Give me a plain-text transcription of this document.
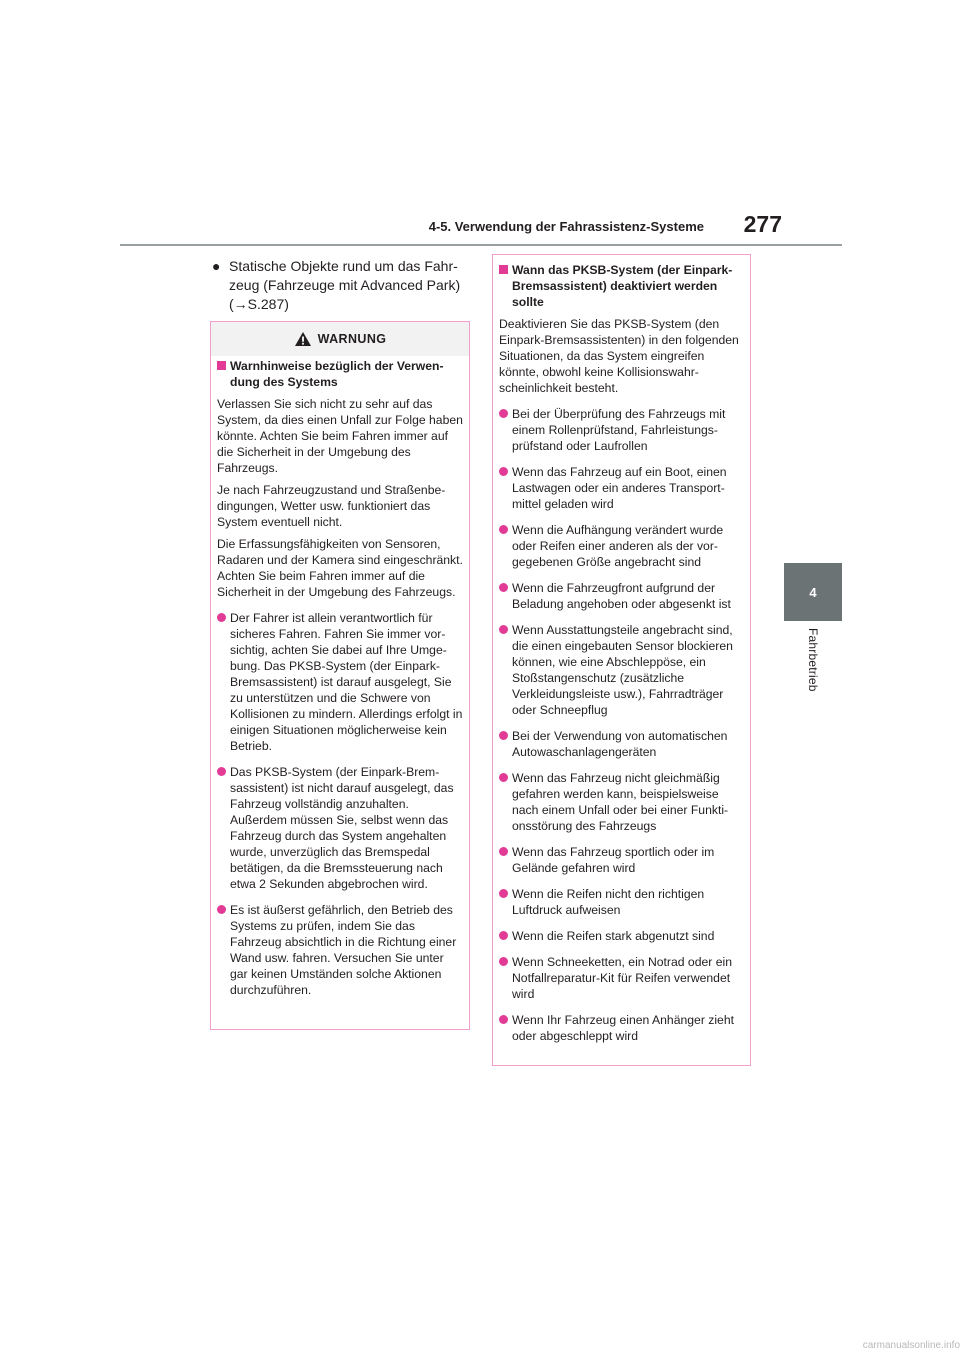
4-5. Verwendung der Fahrassistenz-Systeme	277
4
Fahrbetrieb
● Statische Objekte rund um das Fahrzeug (Fahrzeuge mit Advanced Park) (→S.287)
WARNUNG
Warnhinweise bezüglich der Verwendung des Systems
Verlassen Sie sich nicht zu sehr auf das System, da dies einen Unfall zur Folge haben könnte. Achten Sie beim Fahren immer auf die Sicherheit in der Umgebung des Fahrzeugs.
Je nach Fahrzeugzustand und Straßenbedingungen, Wetter usw. funktioniert das System eventuell nicht.
Die Erfassungsfähigkeiten von Sensoren, Radaren und der Kamera sind eingeschränkt. Achten Sie beim Fahren immer auf die Sicherheit in der Umgebung des Fahrzeugs.
Der Fahrer ist allein verantwortlich für sicheres Fahren. Fahren Sie immer vorsichtig, achten Sie dabei auf Ihre Umgebung. Das PKSB-System (der Einpark-Bremsassistent) ist darauf ausgelegt, Sie zu unterstützen und die Schwere von Kollisionen zu mindern. Allerdings erfolgt in einigen Situationen möglicherweise kein Betrieb.
Das PKSB-System (der Einpark-Bremsassistent) ist nicht darauf ausgelegt, das Fahrzeug vollständig anzuhalten. Außerdem müssen Sie, selbst wenn das Fahrzeug durch das System angehalten wurde, unverzüglich das Bremspedal betätigen, da die Bremssteuerung nach etwa 2 Sekunden abgebrochen wird.
Es ist äußerst gefährlich, den Betrieb des Systems zu prüfen, indem Sie das Fahrzeug absichtlich in die Richtung einer Wand usw. fahren. Versuchen Sie unter gar keinen Umständen solche Aktionen durchzuführen.
Wann das PKSB-System (der Einpark-Bremsassistent) deaktiviert werden sollte
Deaktivieren Sie das PKSB-System (den Einpark-Bremsassistenten) in den folgenden Situationen, da das System eingreifen könnte, obwohl keine Kollisionswahrscheinlichkeit besteht.
Bei der Überprüfung des Fahrzeugs mit einem Rollenprüfstand, Fahrleistungsprüfstand oder Laufrollen
Wenn das Fahrzeug auf ein Boot, einen Lastwagen oder ein anderes Transportmittel geladen wird
Wenn die Aufhängung verändert wurde oder Reifen einer anderen als der vorgegebenen Größe angebracht sind
Wenn die Fahrzeugfront aufgrund der Beladung angehoben oder abgesenkt ist
Wenn Ausstattungsteile angebracht sind, die einen eingebauten Sensor blockieren können, wie eine Abschleppöse, ein Stoßstangenschutz (zusätzliche Verkleidungsleiste usw.), Fahrradträger oder Schneepflug
Bei der Verwendung von automatischen Autowaschanlagengeräten
Wenn das Fahrzeug nicht gleichmäßig gefahren werden kann, beispielsweise nach einem Unfall oder bei einer Funktionsstörung des Fahrzeugs
Wenn das Fahrzeug sportlich oder im Gelände gefahren wird
Wenn die Reifen nicht den richtigen Luftdruck aufweisen
Wenn die Reifen stark abgenutzt sind
Wenn Schneeketten, ein Notrad oder ein Notfallreparatur-Kit für Reifen verwendet wird
Wenn Ihr Fahrzeug einen Anhänger zieht oder abgeschleppt wird
carmanualsonline.info
